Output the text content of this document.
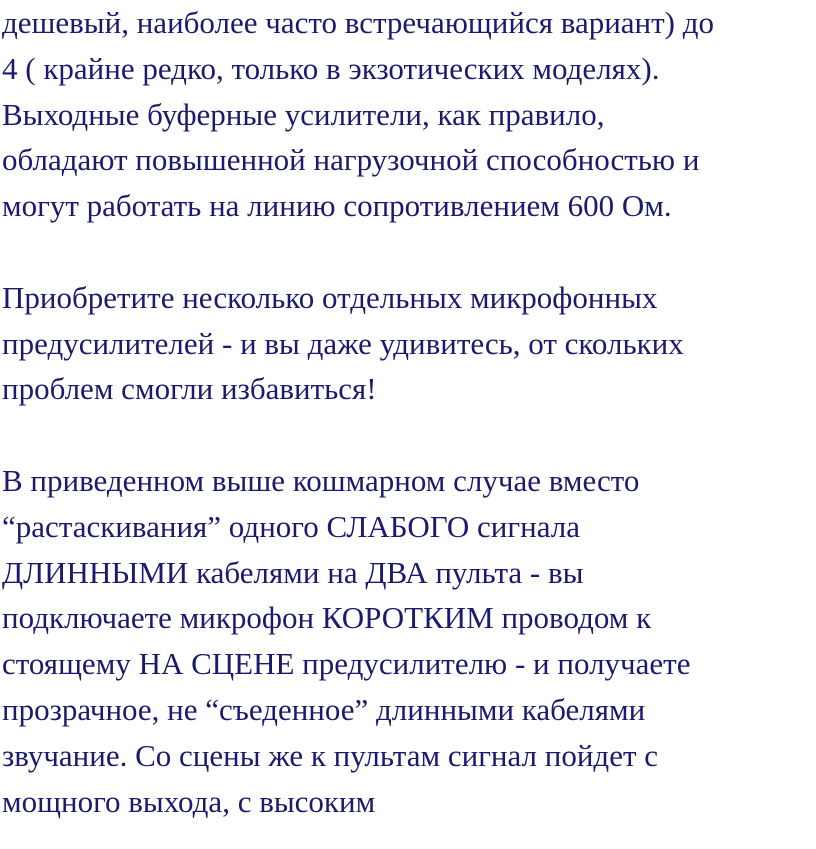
дешевый, наиболее часто встречающийся вариант) до

4 ( крайне редко, только в экзотических моделях).

Выходные буферные усилители, как правило,

обладают повышенной нагрузочной способностью и

могут работать на линию сопротивлением 600 Ом.

Приобретите несколько отдельных микрофонных

предусилителей - и вы даже удивитесь, от скольких

проблем смогли избавиться!

В приведенном выше кошмарном случае вместо

“растаскивания” одного СЛАБОГО сигнала

ДЛИННЫМИ кабелями на ДВА пульта - вы

подключаете микрофон КОРОТКИМ проводом к

стоящему НА СЦЕНЕ предусилителю - и получаете

прозрачное, не “съеденное” длинными кабелями

звучание. Со сцены же к пультам сигнал пойдет с

мощного выхода, с высоким
